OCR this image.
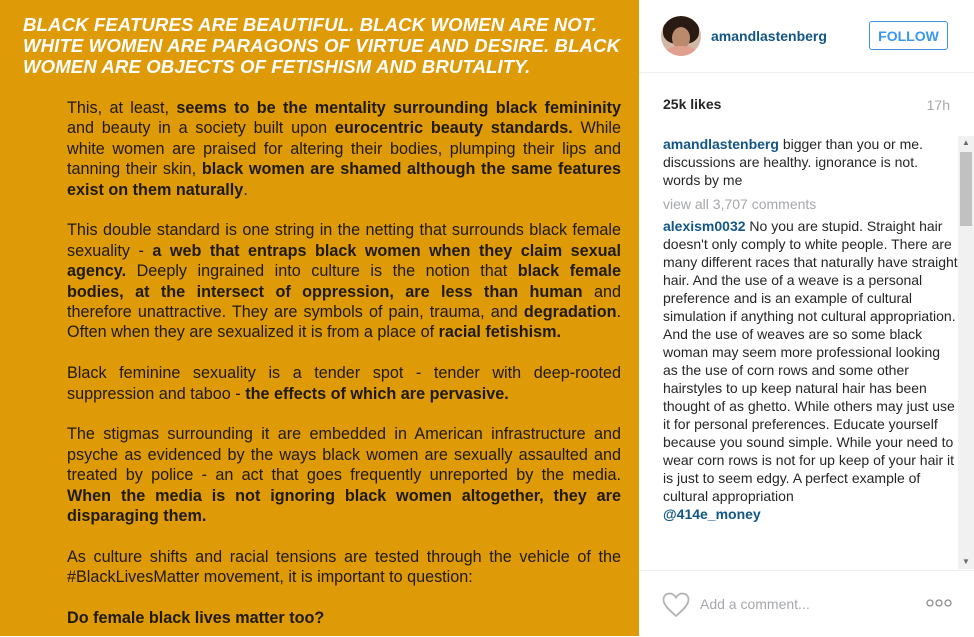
BLACK FEATURES ARE BEAUTIFUL. BLACK WOMEN ARE NOT. WHITE WOMEN ARE PARAGONS OF VIRTUE AND DESIRE. BLACK WOMEN ARE OBJECTS OF FETISHISM AND BRUTALITY.

This, at least, seems to be the mentality surrounding black femininity and beauty in a society built upon eurocentric beauty standards. While white women are praised for altering their bodies, plumping their lips and tanning their skin, black women are shamed although the same features exist on them naturally.

This double standard is one string in the netting that surrounds black female sexuality - a web that entraps black women when they claim sexual agency. Deeply ingrained into culture is the notion that black female bodies, at the intersect of oppression, are less than human and therefore unattractive. They are symbols of pain, trauma, and degradation. Often when they are sexualized it is from a place of racial fetishism.

Black feminine sexuality is a tender spot - tender with deep-rooted suppression and taboo - the effects of which are pervasive.

The stigmas surrounding it are embedded in American infrastructure and psyche as evidenced by the ways black women are sexually assaulted and treated by police - an act that goes frequently unreported by the media. When the media is not ignoring black women altogether, they are disparaging them.

As culture shifts and racial tensions are tested through the vehicle of the #BlackLivesMatter movement, it is important to question:

Do female black lives matter too?

amandlastenberg	FOLLOW
25k likes	17h
amandlastenberg bigger than you or me.
discussions are healthy. ignorance is not.
words by me
view all 3,707 comments
alexism0032 No you are stupid. Straight hair doesn't only comply to white people. There are many different races that naturally have straight hair. And the use of a weave is a personal preference and is an example of cultural simulation if anything not cultural appropriation. And the use of weaves are so some black woman may seem more professional looking as the use of corn rows and some other hairstyles to up keep natural hair has been thought of as ghetto. While others may just use it for personal preferences. Educate yourself because you sound simple. While your need to wear corn rows is not for up keep of your hair it is just to seem edgy. A perfect example of cultural appropriation
@414e_money
▲
▼
Add a comment...
